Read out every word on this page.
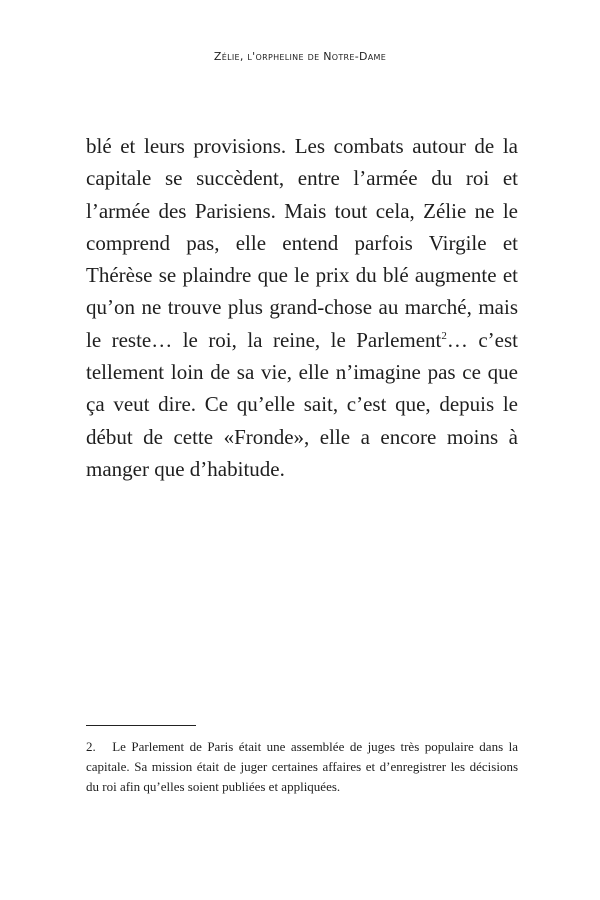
Zélie, l'orpheline de Notre-Dame

blé et leurs provisions. Les combats autour de la capitale se succèdent, entre l’armée du roi et l’armée des Parisiens. Mais tout cela, Zélie ne le comprend pas, elle entend parfois Virgile et Thérèse se plaindre que le prix du blé augmente et qu’on ne trouve plus grand-chose au marché, mais le reste… le roi, la reine, le Parlement$^2$… c’est tellement loin de sa vie, elle n’imagine pas ce que ça veut dire. Ce qu’elle sait, c’est que, depuis le début de cette «Fronde», elle a encore moins à manger que d’habitude.

2. Le Parlement de Paris était une assemblée de juges très populaire dans la capitale. Sa mission était de juger certaines affaires et d’enregistrer les décisions du roi afin qu’elles soient publiées et appliquées.
